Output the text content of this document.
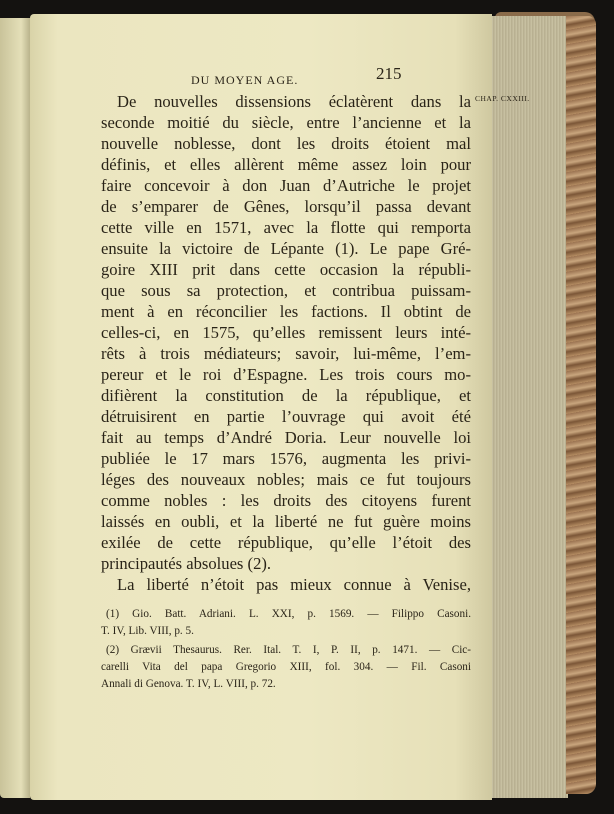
DU MOYEN AGE.	215
CHAP. CXXIII.
De nouvelles dissensions éclatèrent dans la
seconde moitié du siècle, entre l’ancienne et la
nouvelle noblesse, dont les droits étoient mal
définis, et elles allèrent même assez loin pour
faire concevoir à don Juan d’Autriche le projet
de s’emparer de Gênes, lorsqu’il passa devant
cette ville en 1571, avec la flotte qui remporta
ensuite la victoire de Lépante (1). Le pape Gré-
goire XIII prit dans cette occasion la républi-
que sous sa protection, et contribua puissam-
ment à en réconcilier les factions. Il obtint de
celles-ci, en 1575, qu’elles remissent leurs inté-
rêts à trois médiateurs; savoir, lui-même, l’em-
pereur et le roi d’Espagne. Les trois cours mo-
difièrent la constitution de la république, et
détruisirent en partie l’ouvrage qui avoit été
fait au temps d’André Doria. Leur nouvelle loi
publiée le 17 mars 1576, augmenta les privi-
léges des nouveaux nobles; mais ce fut toujours
comme nobles : les droits des citoyens furent
laissés en oubli, et la liberté ne fut guère moins
exilée de cette république, qu’elle l’étoit des
principautés absolues (2).
La liberté n’étoit pas mieux connue à Venise,
(1) Gio. Batt. Adriani. L. XXI, p. 1569. — Filippo Casoni.
T. IV, Lib. VIII, p. 5.
(2) Grævii Thesaurus. Rer. Ital. T. I, P. II, p. 1471. — Cic-
carelli Vita del papa Gregorio XIII, fol. 304. — Fil. Casoni
Annali di Genova. T. IV, L. VIII, p. 72.
